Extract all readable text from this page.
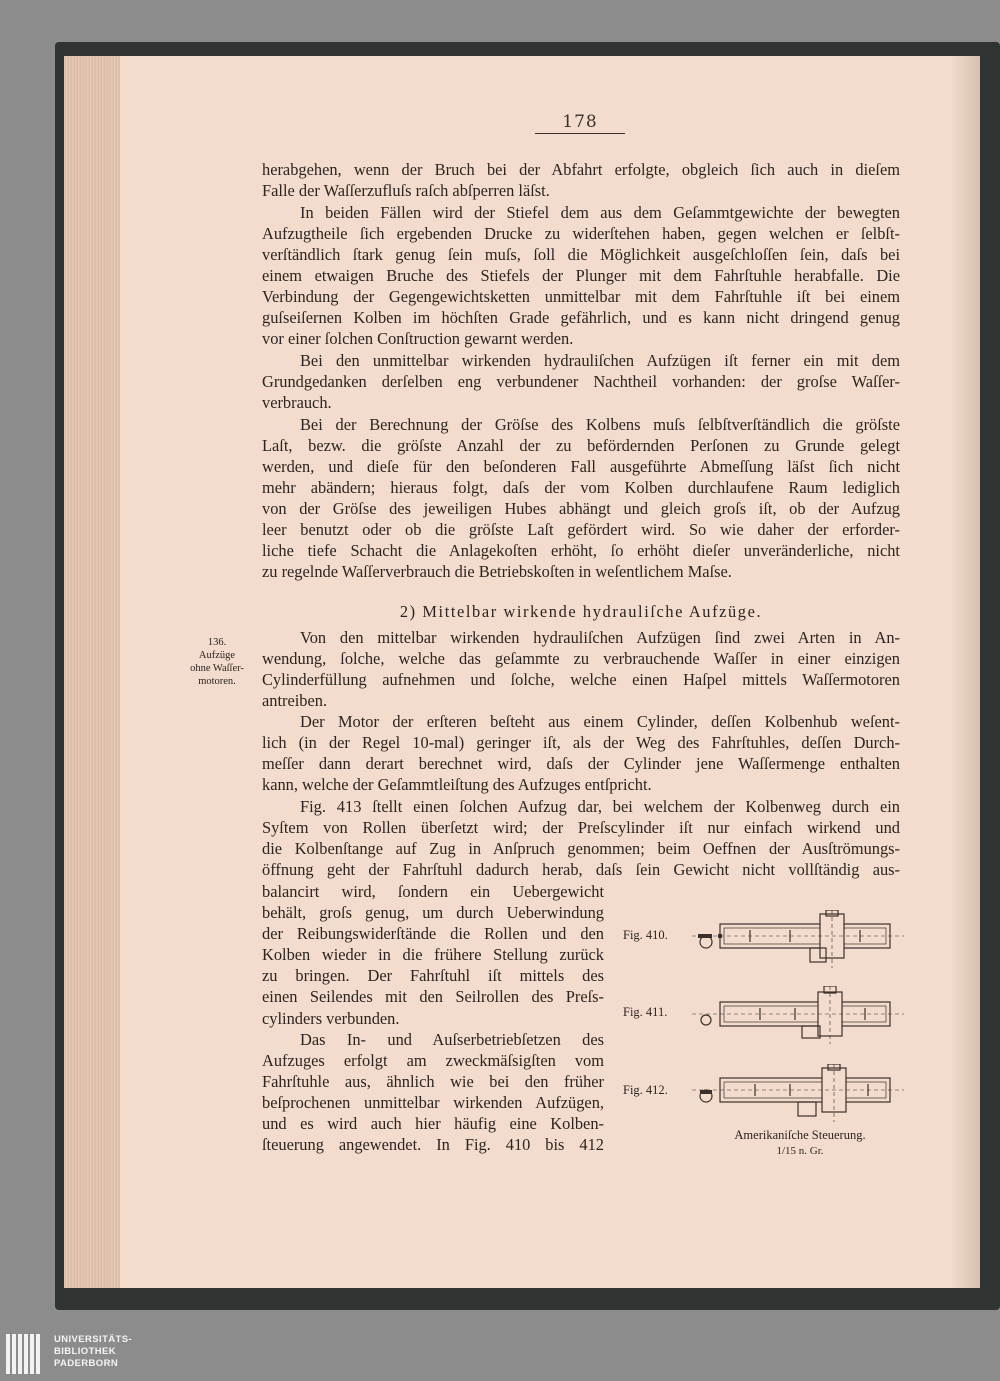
178
herabgehen, wenn der Bruch bei der Abfahrt erfolgte, obgleich ſich auch in dieſem
Falle der Waſſerzufluſs raſch abſperren läſst.
In beiden Fällen wird der Stiefel dem aus dem Geſammtgewichte der bewegten
Aufzugtheile ſich ergebenden Drucke zu widerſtehen haben, gegen welchen er ſelbſt-
verſtändlich ſtark genug ſein muſs, ſoll die Möglichkeit ausgeſchloſſen ſein, daſs bei
einem etwaigen Bruche des Stiefels der Plunger mit dem Fahrſtuhle herabfalle. Die
Verbindung der Gegengewichtsketten unmittelbar mit dem Fahrſtuhle iſt bei einem
guſseiſernen Kolben im höchſten Grade gefährlich, und es kann nicht dringend genug
vor einer ſolchen Conſtruction gewarnt werden.
Bei den unmittelbar wirkenden hydrauliſchen Aufzügen iſt ferner ein mit dem
Grundgedanken derſelben eng verbundener Nachtheil vorhanden: der groſse Waſſer-
verbrauch.
Bei der Berechnung der Gröſse des Kolbens muſs ſelbſtverſtändlich die gröſste
Laſt, bezw. die gröſste Anzahl der zu befördernden Perſonen zu Grunde gelegt
werden, und dieſe für den beſonderen Fall ausgeführte Abmeſſung läſst ſich nicht
mehr abändern; hieraus folgt, daſs der vom Kolben durchlaufene Raum lediglich
von der Gröſse des jeweiligen Hubes abhängt und gleich groſs iſt, ob der Aufzug
leer benutzt oder ob die gröſste Laſt gefördert wird. So wie daher der erforder-
liche tiefe Schacht die Anlagekoſten erhöht, ſo erhöht dieſer unveränderliche, nicht
zu regelnde Waſſerverbrauch die Betriebskoſten in weſentlichem Maſse.
2) Mittelbar wirkende hydrauliſche Aufzüge.
136.
Aufzüge
ohne Waſſer-
motoren.
Von den mittelbar wirkenden hydrauliſchen Aufzügen ſind zwei Arten in An-
wendung, ſolche, welche das geſammte zu verbrauchende Waſſer in einer einzigen
Cylinderfüllung aufnehmen und ſolche, welche einen Haſpel mittels Waſſermotoren
antreiben.
Der Motor der erſteren beſteht aus einem Cylinder, deſſen Kolbenhub weſent-
lich (in der Regel 10-mal) geringer iſt, als der Weg des Fahrſtuhles, deſſen Durch-
meſſer dann derart berechnet wird, daſs der Cylinder jene Waſſermenge enthalten
kann, welche der Geſammtleiſtung des Aufzuges entſpricht.
Fig. 413 ſtellt einen ſolchen Aufzug dar, bei welchem der Kolbenweg durch ein
Syſtem von Rollen überſetzt wird; der Preſscylinder iſt nur einfach wirkend und
die Kolbenſtange auf Zug in Anſpruch genommen; beim Oeffnen der Ausſtrömungs-
öffnung geht der Fahrſtuhl dadurch herab, daſs ſein Gewicht nicht vollſtändig aus-
balancirt wird, ſondern ein Uebergewicht
behält, groſs genug, um durch Ueberwindung
der Reibungswiderſtände die Rollen und den
Kolben wieder in die frühere Stellung zurück
zu bringen. Der Fahrſtuhl iſt mittels des
einen Seilendes mit den Seilrollen des Preſs-
cylinders verbunden.
Das In- und Auſserbetriebſetzen des
Aufzuges erfolgt am zweckmäſsigſten vom
Fahrſtuhle aus, ähnlich wie bei den früher
beſprochenen unmittelbar wirkenden Aufzügen,
und es wird auch hier häufig eine Kolben-
ſteuerung angewendet. In Fig. 410 bis 412
Fig. 410.
Fig. 411.
Fig. 412.
Amerikaniſche Steuerung.
1/15 n. Gr.
UNIVERSITÄTS-
BIBLIOTHEK
PADERBORN
